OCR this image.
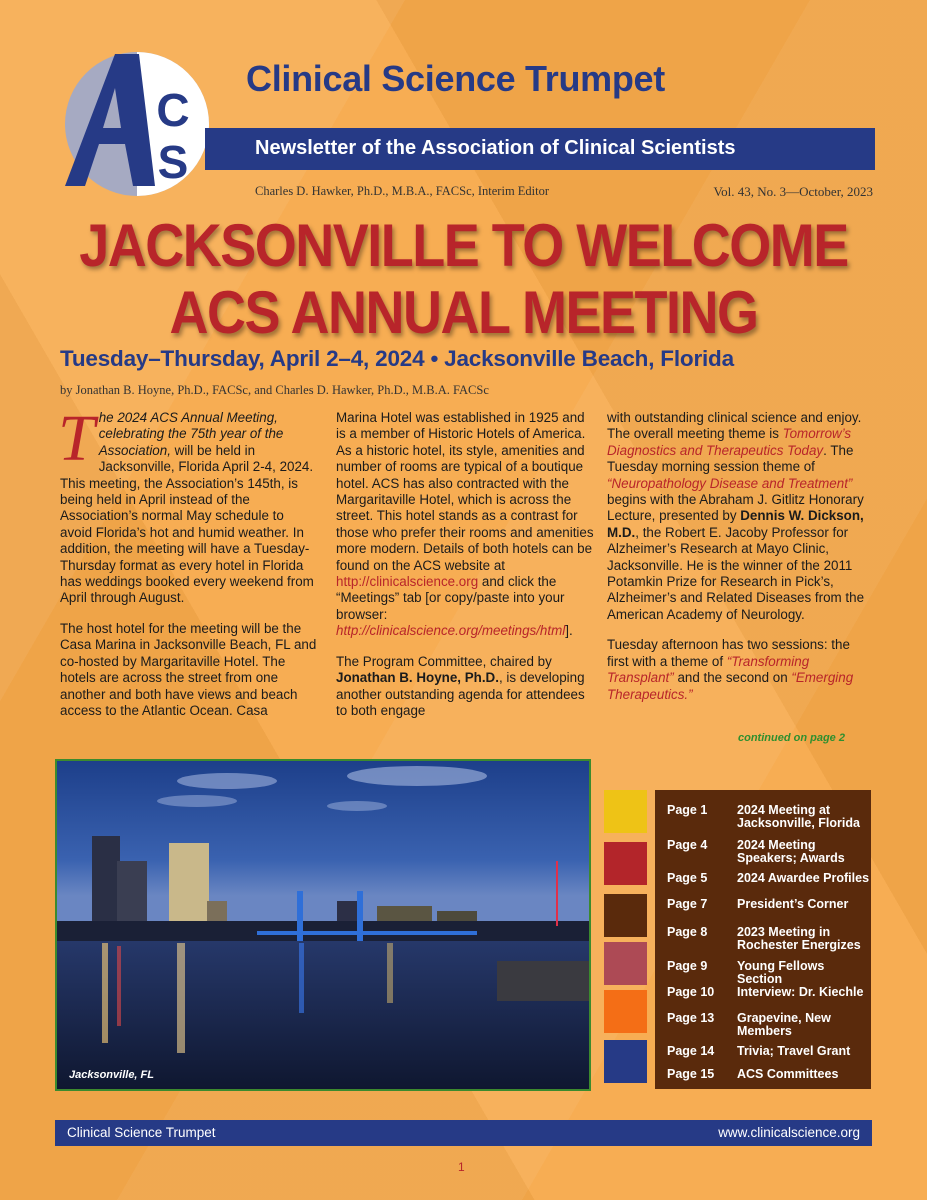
C
S
Clinical Science Trumpet
Newsletter of the Association of Clinical Scientists
Charles D. Hawker, Ph.D., M.B.A., FACSc, Interim Editor	Vol. 43, No. 3—October, 2023
JACKSONVILLE TO WELCOME ACS ANNUAL MEETING
Tuesday–Thursday, April 2–4, 2024 • Jacksonville Beach, Florida
by Jonathan B. Hoyne, Ph.D., FACSc, and Charles D. Hawker, Ph.D., M.B.A. FACSc

The 2024 ACS Annual Meeting, celebrating the 75th year of the Association, will be held in Jacksonville, Florida April 2-4, 2024. This meeting, the Association’s 145th, is being held in April instead of the Association’s normal May schedule to avoid Florida’s hot and humid weather. In addition, the meeting will have a Tuesday-Thursday format as every hotel in Florida has weddings booked every weekend from April through August.

The host hotel for the meeting will be the Casa Marina in Jacksonville Beach, FL and co-hosted by Margaritaville Hotel. The hotels are across the street from one another and both have views and beach access to the Atlantic Ocean. Casa

Marina Hotel was established in 1925 and is a member of Historic Hotels of America. As a historic hotel, its style, amenities and number of rooms are typical of a boutique hotel. ACS has also contracted with the Margaritaville Hotel, which is across the street. This hotel stands as a contrast for those who prefer their rooms and amenities more modern. Details of both hotels can be found on the ACS website at http://clinicalscience.org and click the “Meetings” tab [or copy/paste into your browser: http://clinicalscience.org/meetings/html].

The Program Committee, chaired by Jonathan B. Hoyne, Ph.D., is developing another outstanding agenda for attendees to both engage

with outstanding clinical science and enjoy. The overall meeting theme is Tomorrow’s Diagnostics and Therapeutics Today. The Tuesday morning session theme of “Neuropathology Disease and Treatment” begins with the Abraham J. Gitlitz Honorary Lecture, presented by Dennis W. Dickson, M.D., the Robert E. Jacoby Professor for Alzheimer’s Research at Mayo Clinic, Jacksonville. He is the winner of the 2011 Potamkin Prize for Research in Pick’s, Alzheimer’s and Related Diseases from the American Academy of Neurology.

Tuesday afternoon has two sessions: the first with a theme of “Transforming Transplant” and the second on “Emerging Therapeutics.”

continued on page 2
Jacksonville, FL
Page 1	2024 Meeting at Jacksonville, Florida
Page 4	2024 Meeting Speakers; Awards
Page 5	2024 Awardee Profiles
Page 7	President’s Corner
Page 8	2023 Meeting in Rochester Energizes
Page 9	Young Fellows Section
Page 10	Interview: Dr. Kiechle
Page 13	Grapevine, New Members
Page 14	Trivia; Travel Grant
Page 15	ACS Committees
Clinical Science Trumpet	www.clinicalscience.org
1
